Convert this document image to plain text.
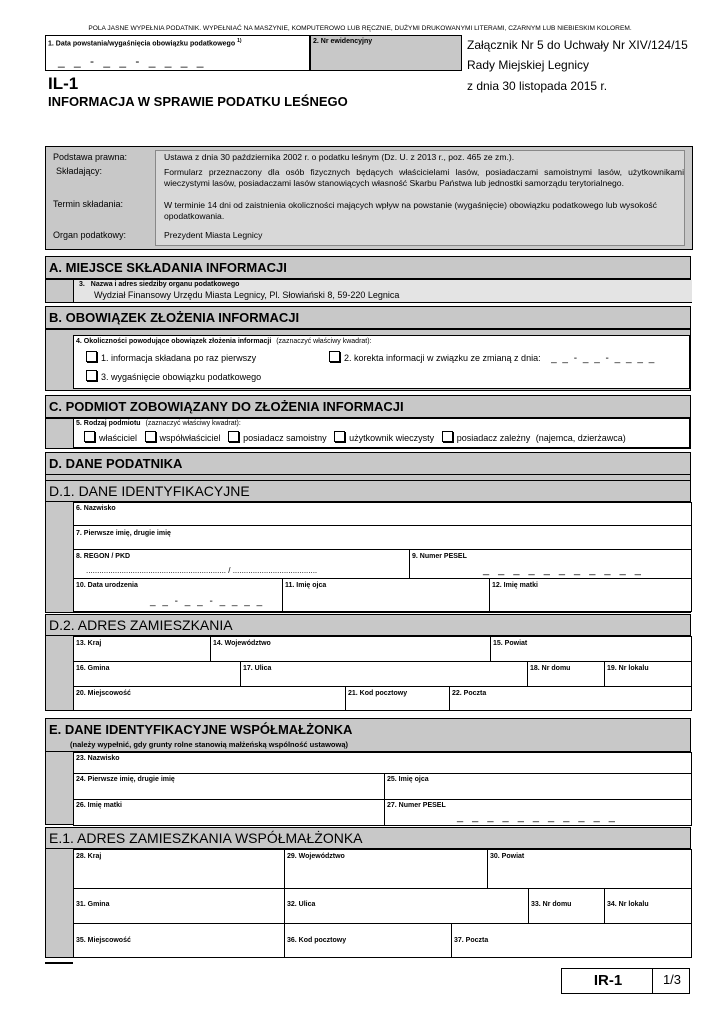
POLA JASNE WYPEŁNIA PODATNIK. WYPEŁNIAĆ NA MASZYNIE, KOMPUTEROWO LUB RĘCZNIE, DUŻYMI DRUKOWANYMI LITERAMI, CZARNYM LUB NIEBIESKIM KOLOREM.
1. Data powstania/wygaśnięcia obowiązku podatkowego $^{1)}$
_ _ - _ _ - _ _ _ _
2. Nr ewidencyjny	Załącznik Nr 5 do Uchwały Nr XIV/124/15
Rady Miejskiej Legnicy
z dnia 30 listopada 2015 r.
IL-1
INFORMACJA W SPRAWIE PODATKU LEŚNEGO
Podstawa prawna:	Ustawa z dnia 30 października 2002 r. o podatku leśnym (Dz. U. z 2013 r., poz. 465 ze zm.).
Składający:	Formularz przeznaczony dla osób fizycznych będących właścicielami lasów, posiadaczami samoistnymi lasów, użytkownikami wieczystymi lasów, posiadaczami lasów stanowiących własność Skarbu Państwa lub jednostki samorządu terytorialnego.
Termin składania:	W terminie 14 dni od zaistnienia okoliczności mających wpływ na powstanie (wygaśnięcie) obowiązku podatkowego lub wysokość opodatkowania.
Organ podatkowy:	Prezydent Miasta Legnicy
A. MIEJSCE SKŁADANIA INFORMACJI
3. Nazwa i adres siedziby organu podatkowego
Wydział Finansowy Urzędu Miasta Legnicy, Pl. Słowiański 8, 59-220 Legnica
B. OBOWIĄZEK ZŁOŻENIA INFORMACJI
4. Okoliczności powodujące obowiązek złożenia informacji (zaznaczyć właściwy kwadrat):
1. informacja składana po raz pierwszy	2. korekta informacji w związku ze zmianą z dnia: _ _ - _ _ - _ _ _ _
3. wygaśnięcie obowiązku podatkowego
C. PODMIOT ZOBOWIĄZANY DO ZŁOŻENIA INFORMACJI
5. Rodzaj podmiotu (zaznaczyć właściwy kwadrat):
właściciel	współwłaściciel	posiadacz samoistny	użytkownik wieczysty	posiadacz zależny (najemca, dzierżawca)
D. DANE PODATNIKA
D.1. DANE IDENTYFIKACYJNE
6. Nazwisko
7. Pierwsze imię, drugie imię
8. REGON / PKD
............................................................... / ......................................
9. Numer PESEL
_ _ _ _ _ _ _ _ _ _ _
10. Data urodzenia
_ _ - _ _ - _ _ _ _
11. Imię ojca	12. Imię matki
D.2. ADRES ZAMIESZKANIA
13. Kraj	14. Województwo	15. Powiat
16. Gmina	17. Ulica	18. Nr domu	19. Nr lokalu
20. Miejscowość	21. Kod pocztowy	22. Poczta
E. DANE IDENTYFIKACYJNE WSPÓŁMAŁŻONKA
(należy wypełnić, gdy grunty rolne stanowią małżeńską wspólność ustawową)
23. Nazwisko
24. Pierwsze imię, drugie imię	25. Imię ojca
26. Imię matki	27. Numer PESEL
_ _ _ _ _ _ _ _ _ _ _
E.1. ADRES ZAMIESZKANIA WSPÓŁMAŁŻONKA
28. Kraj	29. Województwo	30. Powiat
31. Gmina	32. Ulica	33. Nr domu	34. Nr lokalu
35. Miejscowość	36. Kod pocztowy	37. Poczta
IR-1	1/3
